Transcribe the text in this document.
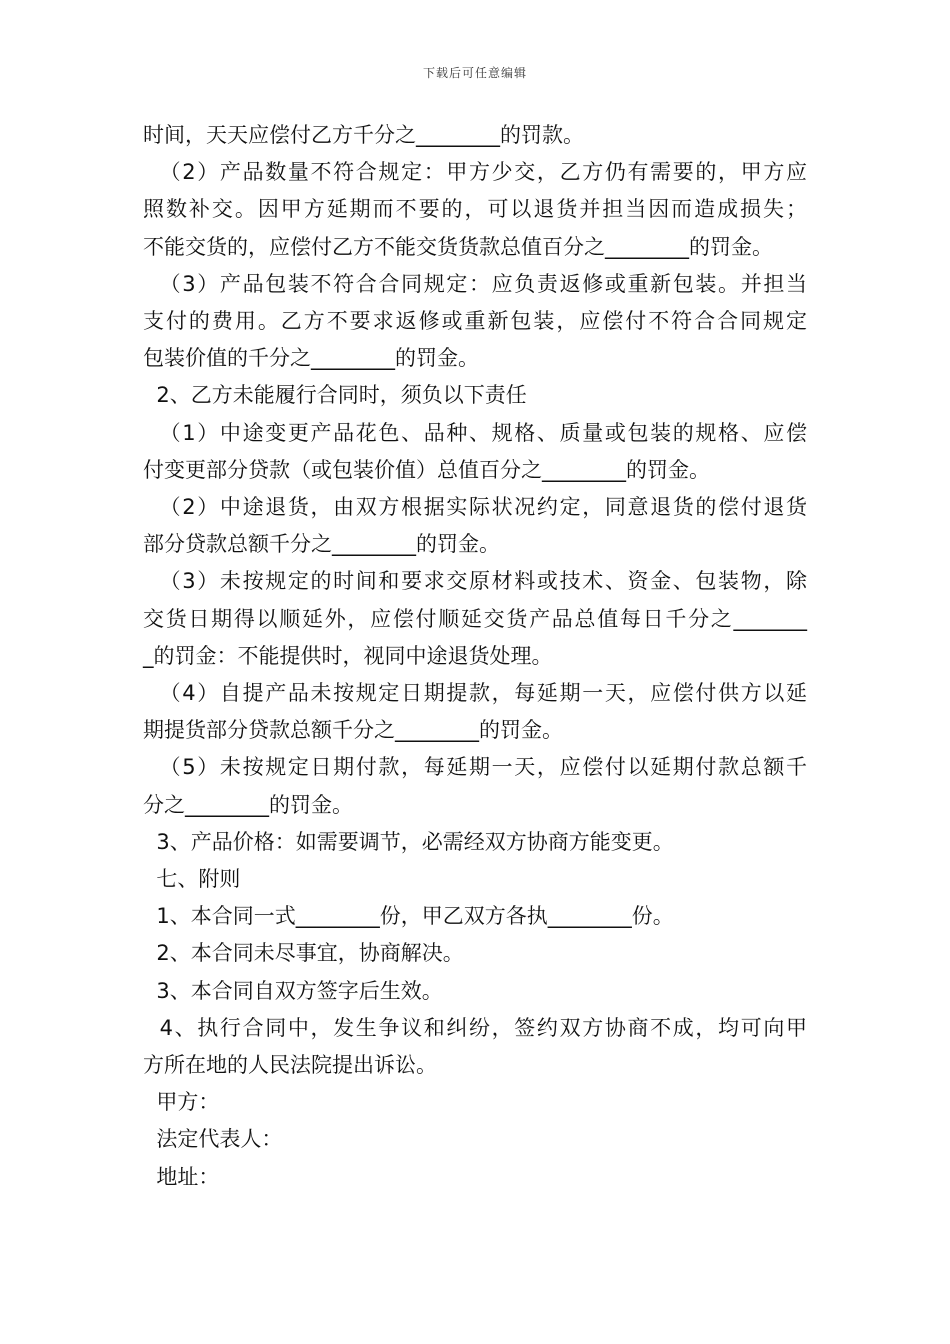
下载后可任意编辑
时间，天天应偿付乙方千分之________的罚款。
（2）产品数量不符合规定：甲方少交，乙方仍有需要的，甲方应
照数补交。因甲方延期而不要的，可以退货并担当因而造成损失；
不能交货的，应偿付乙方不能交货货款总值百分之________的罚金。
（3）产品包装不符合合同规定：应负责返修或重新包装。并担当
支付的费用。乙方不要求返修或重新包装，应偿付不符合合同规定
包装价值的千分之________的罚金。
2、乙方未能履行合同时，须负以下责任
（1）中途变更产品花色、品种、规格、质量或包装的规格、应偿
付变更部分贷款（或包装价值）总值百分之________的罚金。
（2）中途退货，由双方根据实际状况约定，同意退货的偿付退货
部分贷款总额千分之________的罚金。
（3）未按规定的时间和要求交原材料或技术、资金、包装物，除
交货日期得以顺延外，应偿付顺延交货产品总值每日千分之_______
_的罚金：不能提供时，视同中途退货处理。
（4）自提产品未按规定日期提款，每延期一天，应偿付供方以延
期提货部分贷款总额千分之________的罚金。
（5）未按规定日期付款，每延期一天，应偿付以延期付款总额千
分之________的罚金。
3、产品价格：如需要调节，必需经双方协商方能变更。
七、附则
1、本合同一式________份，甲乙双方各执________份。
2、本合同未尽事宜，协商解决。
3、本合同自双方签字后生效。
4、执行合同中，发生争议和纠纷，签约双方协商不成，均可向甲
方所在地的人民法院提出诉讼。
甲方：
法定代表人：
地址：
